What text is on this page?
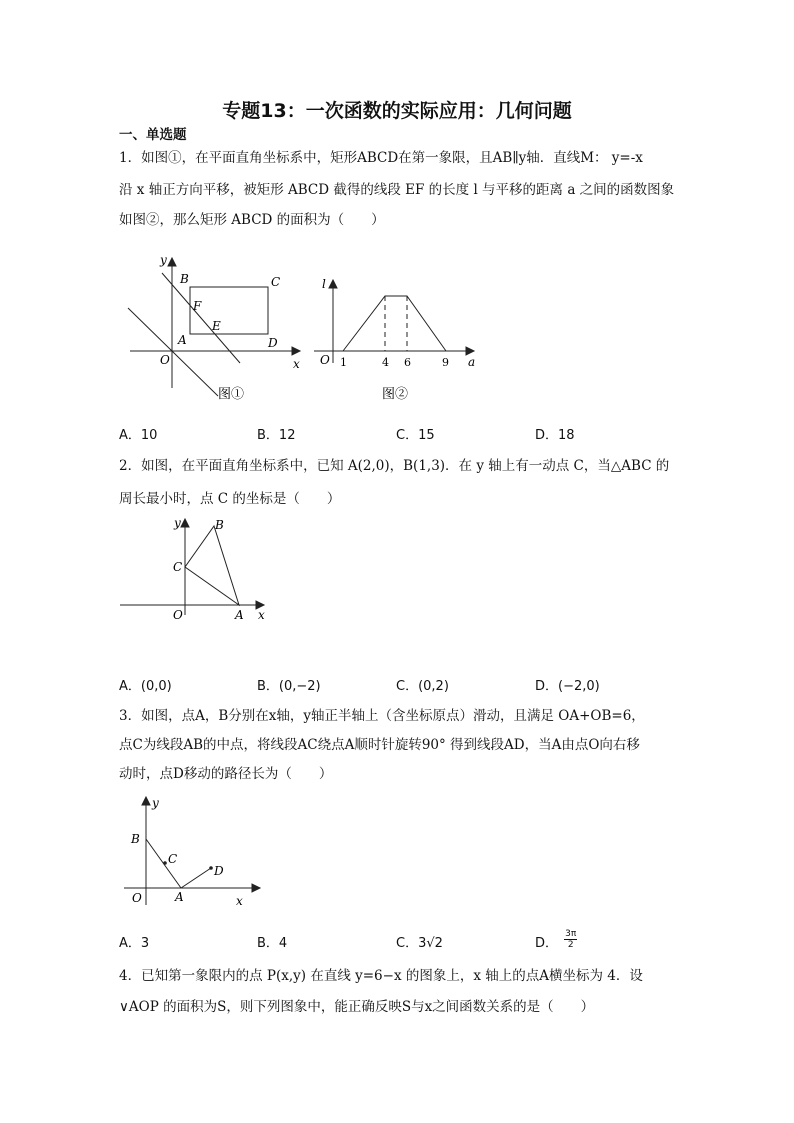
专题13：一次函数的实际应用：几何问题
一、单选题
1．如图①，在平面直角坐标系中，矩形ABCD在第一象限，且AB∥y轴．直线M： y=-x
沿 x 轴正方向平移，被矩形 ABCD 截得的线段 EF 的长度 l 与平移的距离 a 之间的函数图象
如图②，那么矩形 ABCD 的面积为（　　）
y
x
O
A
B	C
D
E
F
图①
l
a
O 1	4 6	9
图②
A．10	B．12	C．15	D．18
2．如图，在平面直角坐标系中，已知 A(2,0)，B(1,3)．在 y 轴上有一动点 C，当△ABC 的
周长最小时，点 C 的坐标是（　　）
y
x
O	A
B
C
A．(0,0)	B．(0,−2)	C．(0,2)	D．(−2,0)
3．如图，点A，B分别在x轴，y轴正半轴上（含坐标原点）滑动，且满足 OA+OB=6，
点C为线段AB的中点，将线段AC绕点A顺时针旋转90° 得到线段AD，当A由点O向右移
动时，点D移动的路径长为（　　）
y
x
O	A
B
C
D
A．3	B．4	C．3√2	D． $\frac{3\pi}{2}$
4．已知第一象限内的点 P(x,y) 在直线 y=6−x 的图象上，x 轴上的点A横坐标为 4．设
∨AOP 的面积为S，则下列图象中，能正确反映S与x之间函数关系的是（　　）
